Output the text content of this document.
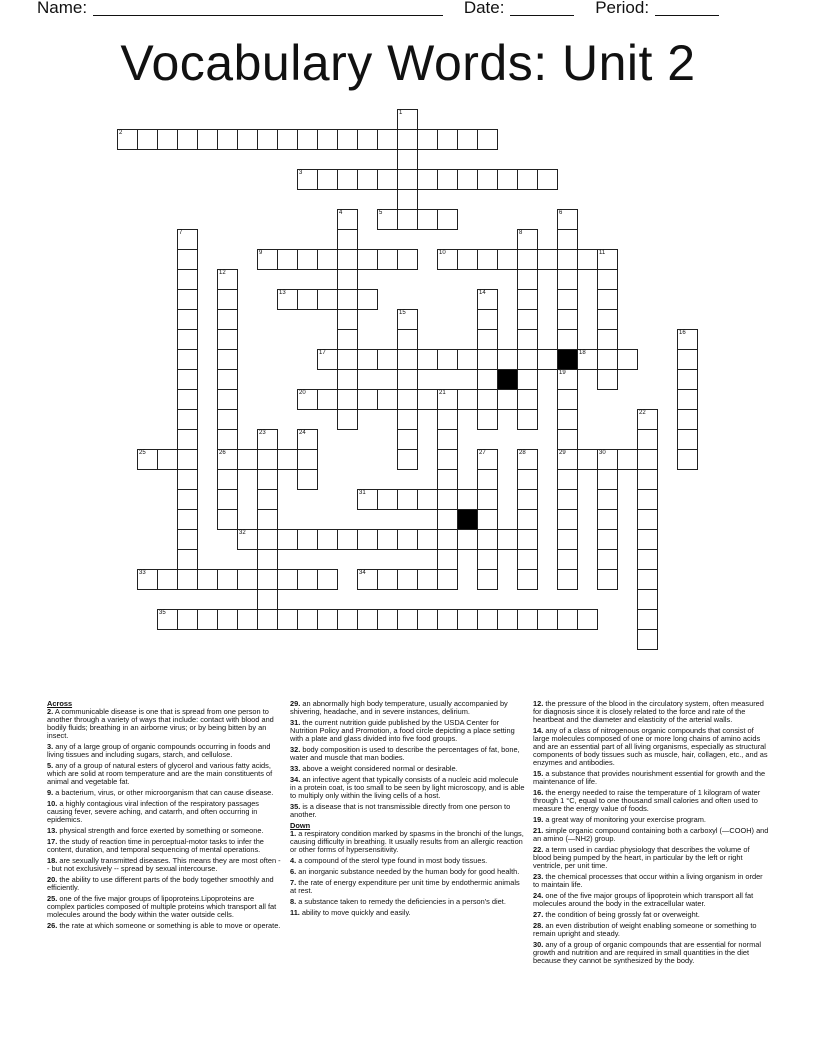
Name:	Date:	Period:
Vocabulary Words: Unit 2
2
3
5
9	10	11
13
17	18
20	21
25	26	29	30
31
32
33	34
35
1
4	6
7	8
12
14
15
16
19
22
23	24
27	28
Across
2. A communicable disease is one that is spread from one person to another through a variety of ways that include: contact with blood and bodily fluids; breathing in an airborne virus; or by being bitten by an insect.
3. any of a large group of organic compounds occurring in foods and living tissues and including sugars, starch, and cellulose.
5. any of a group of natural esters of glycerol and various fatty acids, which are solid at room temperature and are the main constituents of animal and vegetable fat.
9. a bacterium, virus, or other microorganism that can cause disease.
10. a highly contagious viral infection of the respiratory passages causing fever, severe aching, and catarrh, and often occurring in epidemics.
13. physical strength and force exerted by something or someone.
17. the study of reaction time in perceptual-motor tasks to infer the content, duration, and temporal sequencing of mental operations.
18. are sexually transmitted diseases. This means they are most often -- but not exclusively -- spread by sexual intercourse.
20. the ability to use different parts of the body together smoothly and efficiently.
25. one of the five major groups of lipoproteins.Lipoproteins are complex particles composed of multiple proteins which transport all fat molecules around the body within the water outside cells.
26. the rate at which someone or something is able to move or operate.
29. an abnormally high body temperature, usually accompanied by shivering, headache, and in severe instances, delirium.
31. the current nutrition guide published by the USDA Center for Nutrition Policy and Promotion, a food circle depicting a place setting with a plate and glass divided into five food groups.
32. body composition is used to describe the percentages of fat, bone, water and muscle that man bodies.
33. above a weight considered normal or desirable.
34. an infective agent that typically consists of a nucleic acid molecule in a protein coat, is too small to be seen by light microscopy, and is able to multiply only within the living cells of a host.
35. is a disease that is not transmissible directly from one person to another.
Down
1. a respiratory condition marked by spasms in the bronchi of the lungs, causing difficulty in breathing. It usually results from an allergic reaction or other forms of hypersensitivity.
4. a compound of the sterol type found in most body tissues.
6. an inorganic substance needed by the human body for good health.
7. the rate of energy expenditure per unit time by endothermic animals at rest.
8. a substance taken to remedy the deficiencies in a person's diet.
11. ability to move quickly and easily.
12. the pressure of the blood in the circulatory system, often measured for diagnosis since it is closely related to the force and rate of the heartbeat and the diameter and elasticity of the arterial walls.
14. any of a class of nitrogenous organic compounds that consist of large molecules composed of one or more long chains of amino acids and are an essential part of all living organisms, especially as structural components of body tissues such as muscle, hair, collagen, etc., and as enzymes and antibodies.
15. a substance that provides nourishment essential for growth and the maintenance of life.
16. the energy needed to raise the temperature of 1 kilogram of water through 1 °C, equal to one thousand small calories and often used to measure the energy value of foods.
19. a great way of monitoring your exercise program.
21. simple organic compound containing both a carboxyl (—COOH) and an amino (—NH2) group.
22. a term used in cardiac physiology that describes the volume of blood being pumped by the heart, in particular by the left or right ventricle, per unit time.
23. the chemical processes that occur within a living organism in order to maintain life.
24. one of the five major groups of lipoprotein which transport all fat molecules around the body in the extracellular water.
27. the condition of being grossly fat or overweight.
28. an even distribution of weight enabling someone or something to remain upright and steady.
30. any of a group of organic compounds that are essential for normal growth and nutrition and are required in small quantities in the diet because they cannot be synthesized by the body.
